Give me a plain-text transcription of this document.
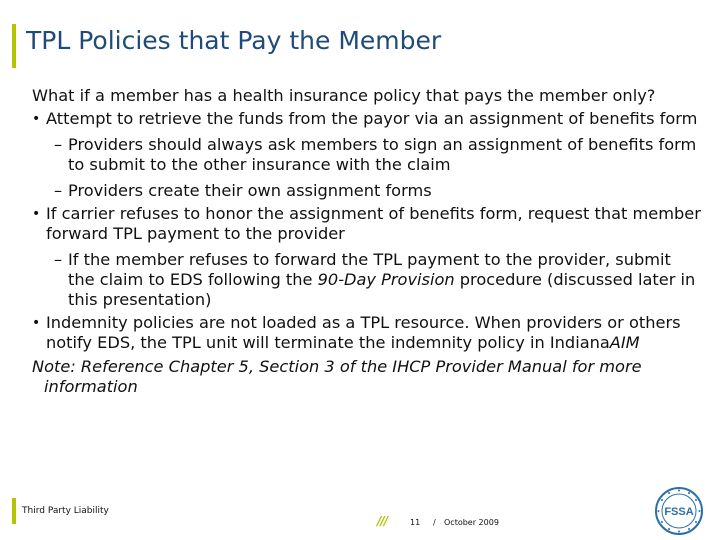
TPL Policies that Pay the Member

What if a member has a health insurance policy that pays the member only?

• Attempt to retrieve the funds from the payor via an assignment of benefits form
– Providers should always ask members to sign an assignment of benefits form to submit to the other insurance with the claim
– Providers create their own assignment forms
• If carrier refuses to honor the assignment of benefits form, request that member forward TPL payment to the provider
– If the member refuses to forward the TPL payment to the provider, submit the claim to EDS following the 90-Day Provision procedure (discussed later in this presentation)
• Indemnity policies are not loaded as a TPL resource. When providers or others notify EDS, the TPL unit will terminate the indemnity policy in IndianaAIM

Note: Reference Chapter 5, Section 3 of the IHCP Provider Manual for more information

Third Party Liability
///	11 / October 2009
FSSA
